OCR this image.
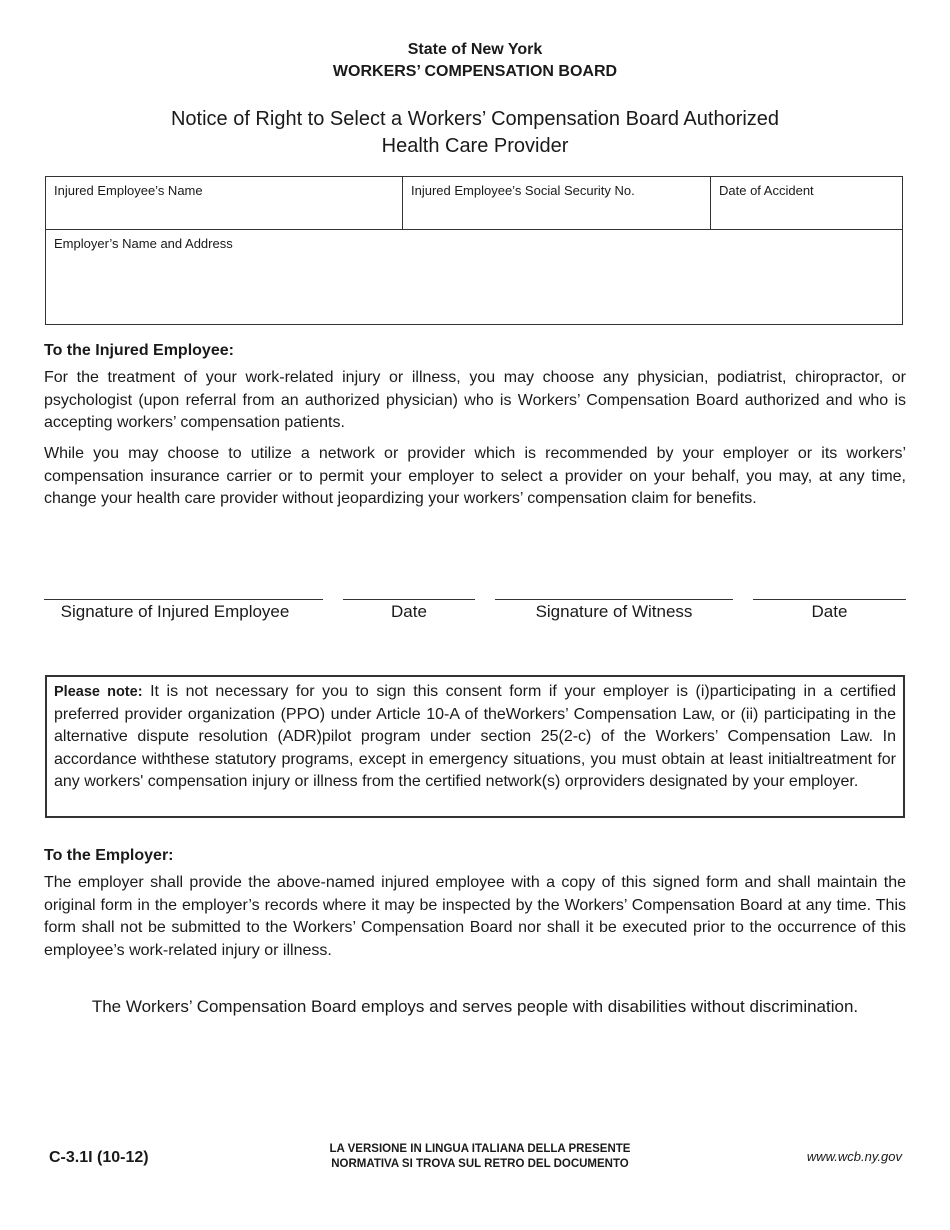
State of New York
WORKERS’ COMPENSATION BOARD
Notice of Right to Select a Workers’ Compensation Board Authorized
Health Care Provider
Injured Employee’s Name	Injured Employee’s Social Security No.	Date of Accident
Employer’s Name and Address
To the Injured Employee:

For the treatment of your work-related injury or illness, you may choose any physician, podiatrist, chiropractor, or psychologist (upon referral from an authorized physician) who is Workers’ Compensation Board authorized and who is accepting workers’ compensation patients.

While you may choose to utilize a network or provider which is recommended by your employer or its workers’ compensation insurance carrier or to permit your employer to select a provider on your behalf, you may, at any time, change your health care provider without jeopardizing your workers’ compensation claim for benefits.

Signature of Injured Employee	Date	Signature of Witness	Date
Please note: It is not necessary for you to sign this consent form if your employer is (i)participating in a certified preferred provider organization (PPO) under Article 10-A of theWorkers’ Compensation Law, or (ii) participating in the alternative dispute resolution (ADR)pilot program under section 25(2-c) of the Workers’ Compensation Law. In accordance withthese statutory programs, except in emergency situations, you must obtain at least initialtreatment for any workers' compensation injury or illness from the certified network(s) orproviders designated by your employer.
To the Employer:

The employer shall provide the above-named injured employee with a copy of this signed form and shall maintain the original form in the employer’s records where it may be inspected by the Workers’ Compensation Board at any time. This form shall not be submitted to the Workers’ Compensation Board nor shall it be executed prior to the occurrence of this employee’s work-related injury or illness.

The Workers’ Compensation Board employs and serves people with disabilities without discrimination.
C-3.1I (10-12)	LA VERSIONE IN LINGUA ITALIANA DELLA PRESENTE
NORMATIVA SI TROVA SUL RETRO DEL DOCUMENTO	www.wcb.ny.gov
